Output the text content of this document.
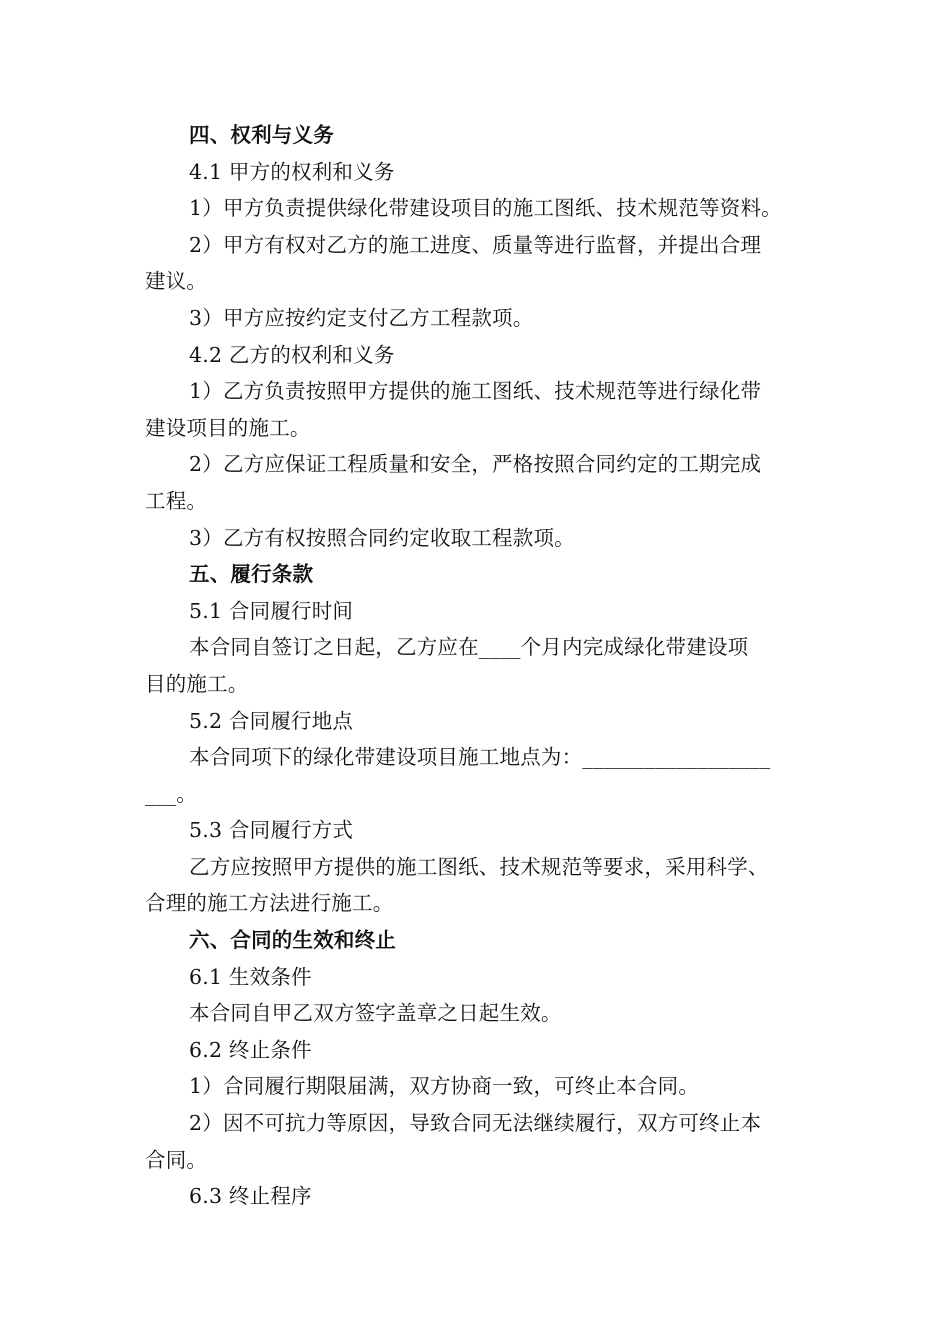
四、权利与义务
4.1 甲方的权利和义务
1）甲方负责提供绿化带建设项目的施工图纸、技术规范等资料。
2）甲方有权对乙方的施工进度、质量等进行监督，并提出合理
建议。
3）甲方应按约定支付乙方工程款项。
4.2 乙方的权利和义务
1）乙方负责按照甲方提供的施工图纸、技术规范等进行绿化带
建设项目的施工。
2）乙方应保证工程质量和安全，严格按照合同约定的工期完成
工程。
3）乙方有权按照合同约定收取工程款项。
五、履行条款
5.1 合同履行时间
本合同自签订之日起，乙方应在____个月内完成绿化带建设项
目的施工。
5.2 合同履行地点
本合同项下的绿化带建设项目施工地点为：__________________
___。
5.3 合同履行方式
乙方应按照甲方提供的施工图纸、技术规范等要求，采用科学、
合理的施工方法进行施工。
六、合同的生效和终止
6.1 生效条件
本合同自甲乙双方签字盖章之日起生效。
6.2 终止条件
1）合同履行期限届满，双方协商一致，可终止本合同。
2）因不可抗力等原因，导致合同无法继续履行，双方可终止本
合同。
6.3 终止程序
